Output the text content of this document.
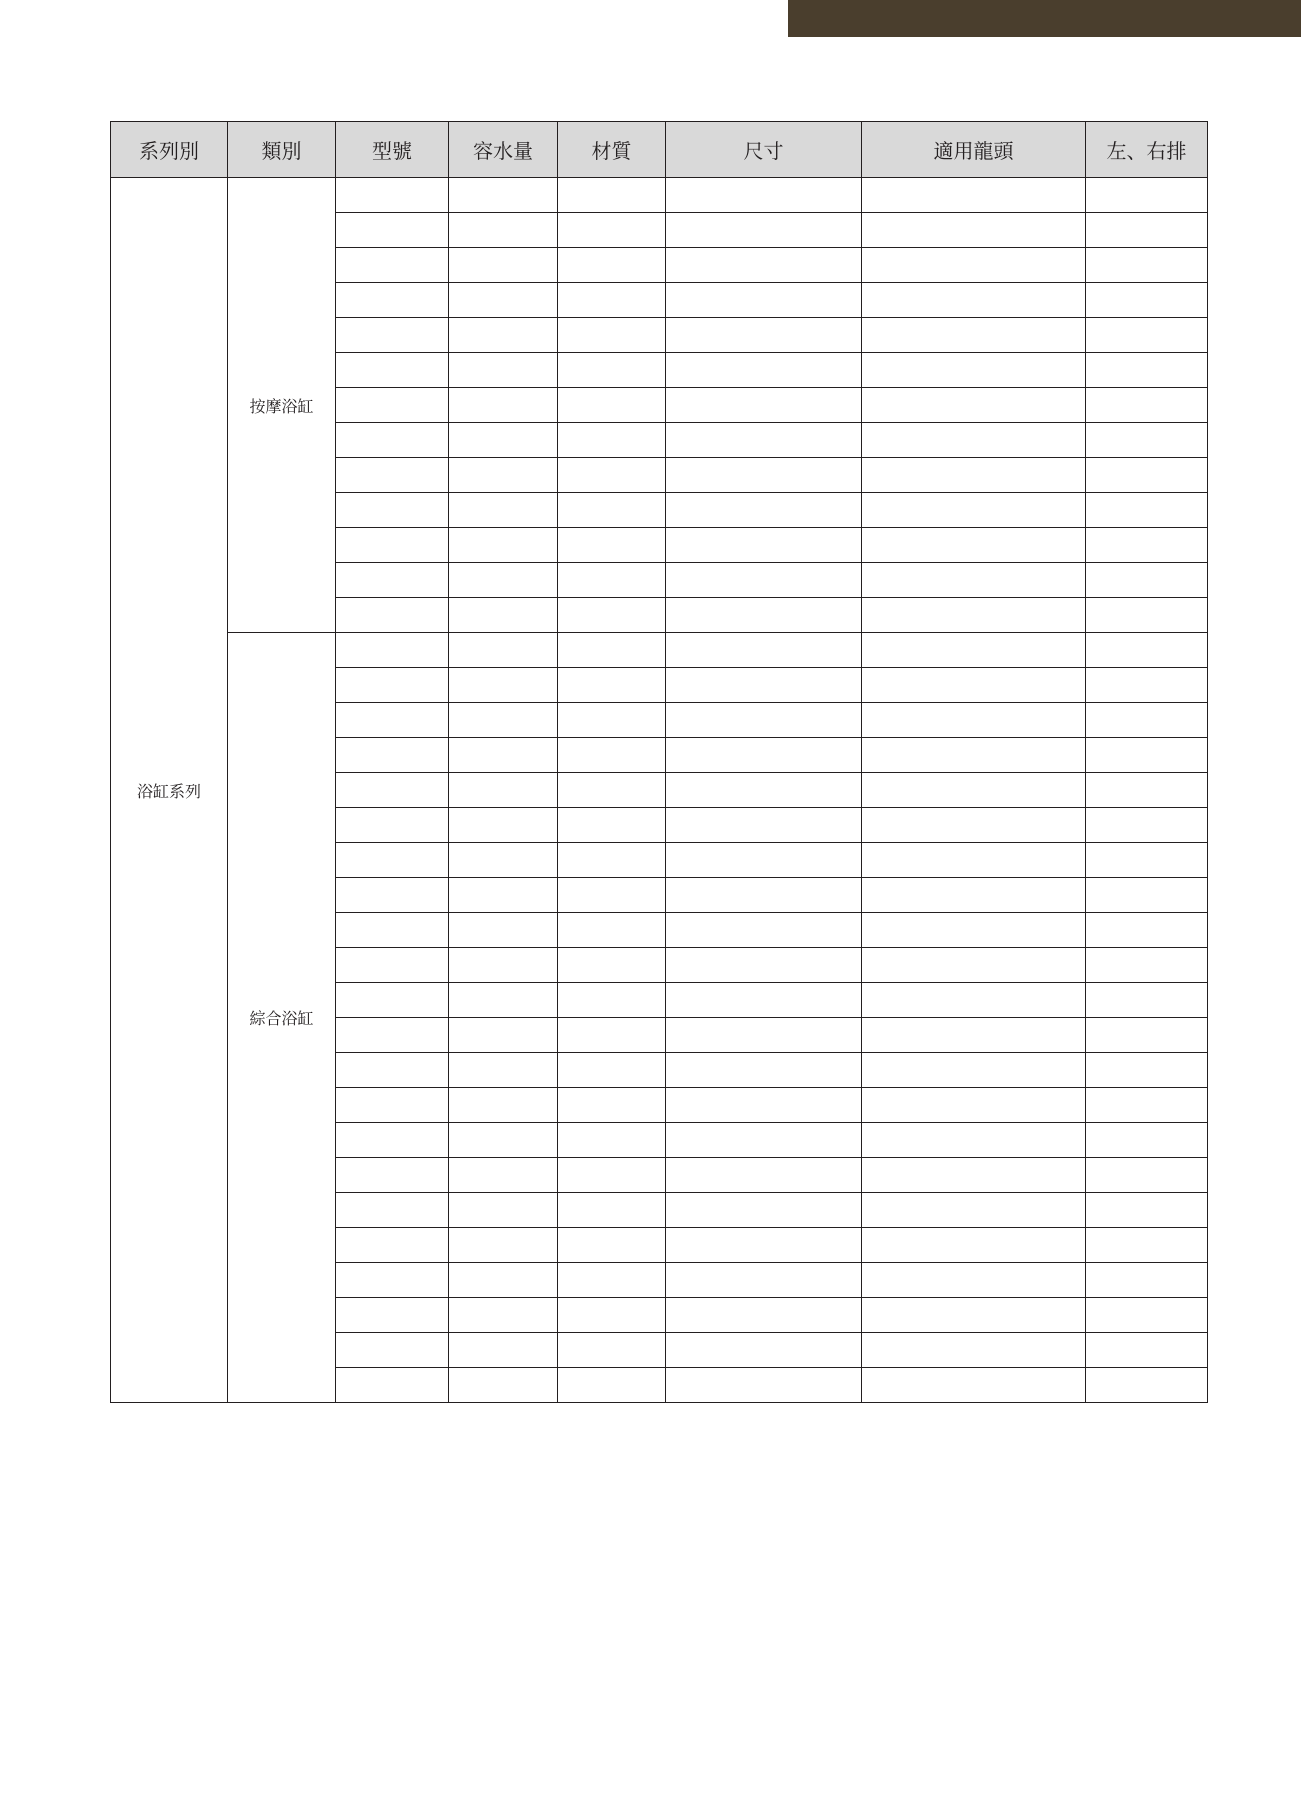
系列別	類別	型號	容水量	材質	尺寸	適用龍頭	左、右排
浴缸系列	按摩浴缸						

	綜合浴缸						
